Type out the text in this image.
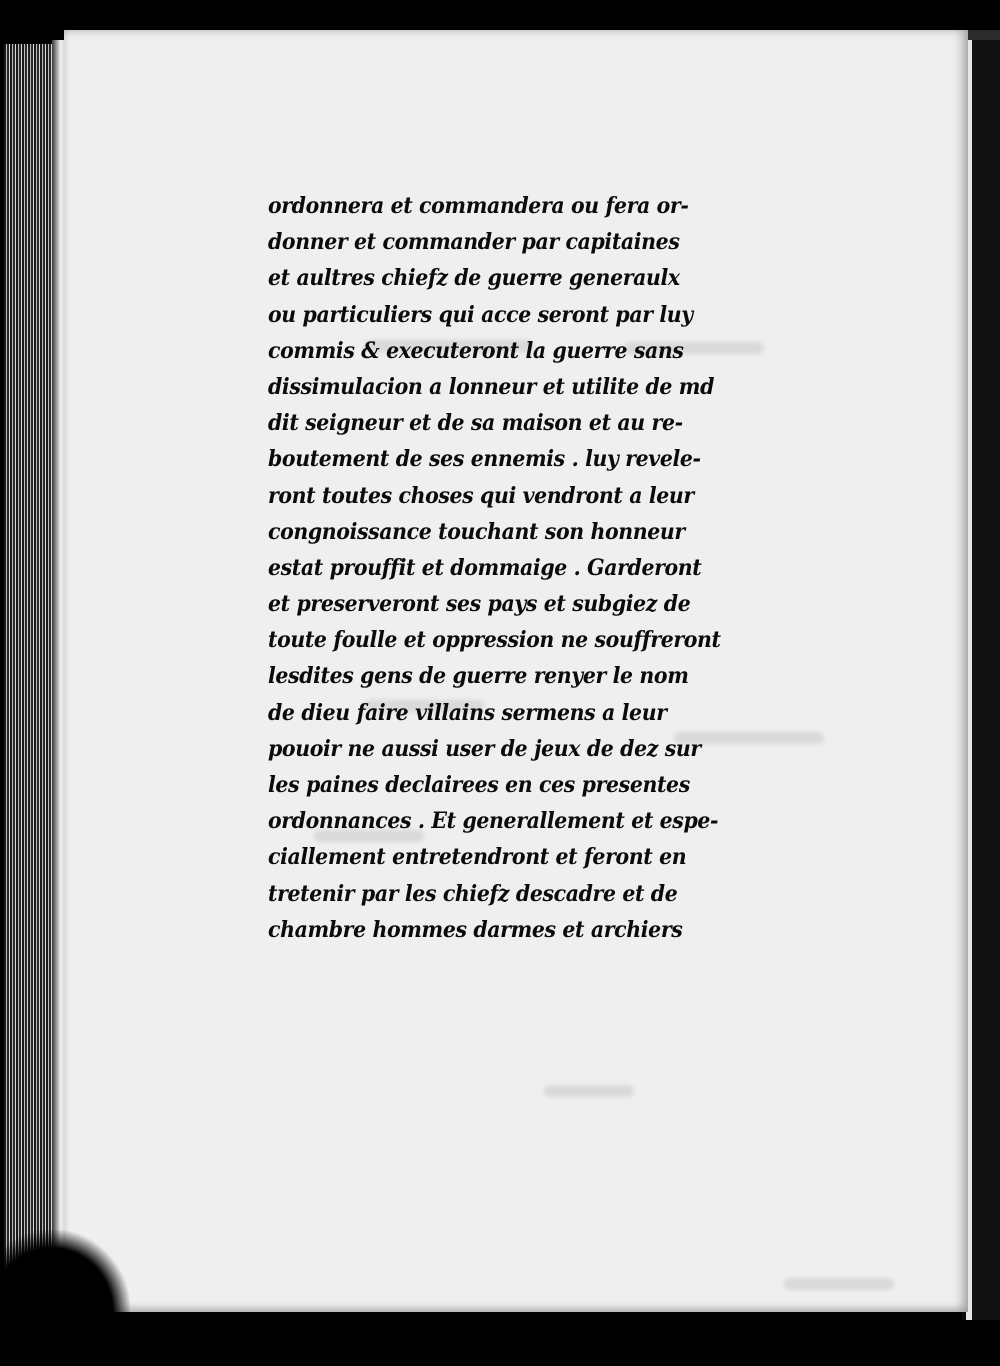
ordonnera et commandera ou fera or-
donner et commander par capitaines
et aultres chiefz de guerre generaulx
ou particuliers qui acce seront par luy
commis & executeront la guerre sans
dissimulacion a lonneur et utilite de md
dit seigneur et de sa maison et au re-
boutement de ses ennemis . luy revele-
ront toutes choses qui vendront a leur
congnoissance touchant son honneur
estat prouffit et dommaige . Garderont
et preserveront ses pays et subgiez de
toute foulle et oppression ne souffreront
lesdites gens de guerre renyer le nom
de dieu faire villains sermens a leur
pouoir ne aussi user de jeux de dez sur
les paines declairees en ces presentes
ordonnances . Et generallement et espe-
ciallement entretendront et feront en
tretenir par les chiefz descadre et de
chambre hommes darmes et archiers
